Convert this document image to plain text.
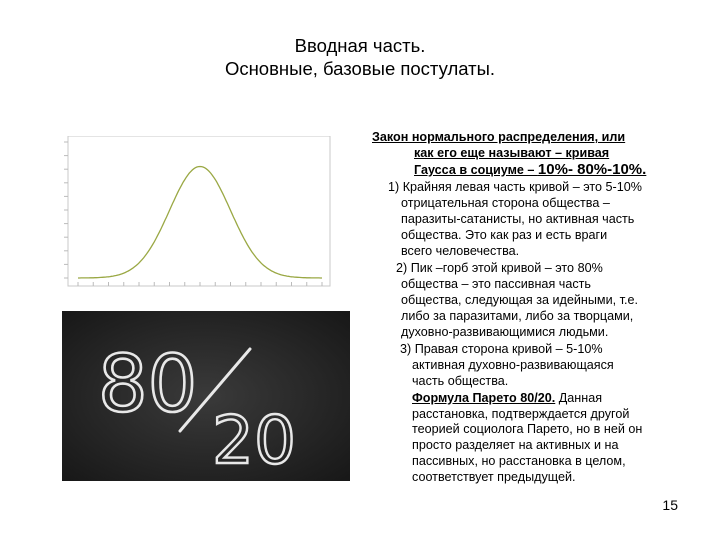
Вводная часть.
Основные, базовые постулаты.
80
20

Закон нормального распределения, или
как его еще называют – кривая
Гаусса в социуме – 10%- 80%-10%.

1) Крайняя левая часть кривой – это 5-10%
отрицательная сторона общества –
паразиты-сатанисты, но активная часть
общества. Это как раз и есть враги
всего человечества.

2) Пик –горб этой кривой – это 80%
общества – это пассивная часть
общества, следующая за идейными, т.е.
либо за паразитами, либо за творцами,
духовно-развивающимися людьми.

3) Правая сторона кривой – 5-10%
активная духовно-развивающаяся
часть общества.

Формула Парето 80/20. Данная
расстановка, подтверждается другой
теорией социолога Парето, но в ней он
просто разделяет на активных и на
пассивных, но расстановка в целом,
соответствует предыдущей.

15
